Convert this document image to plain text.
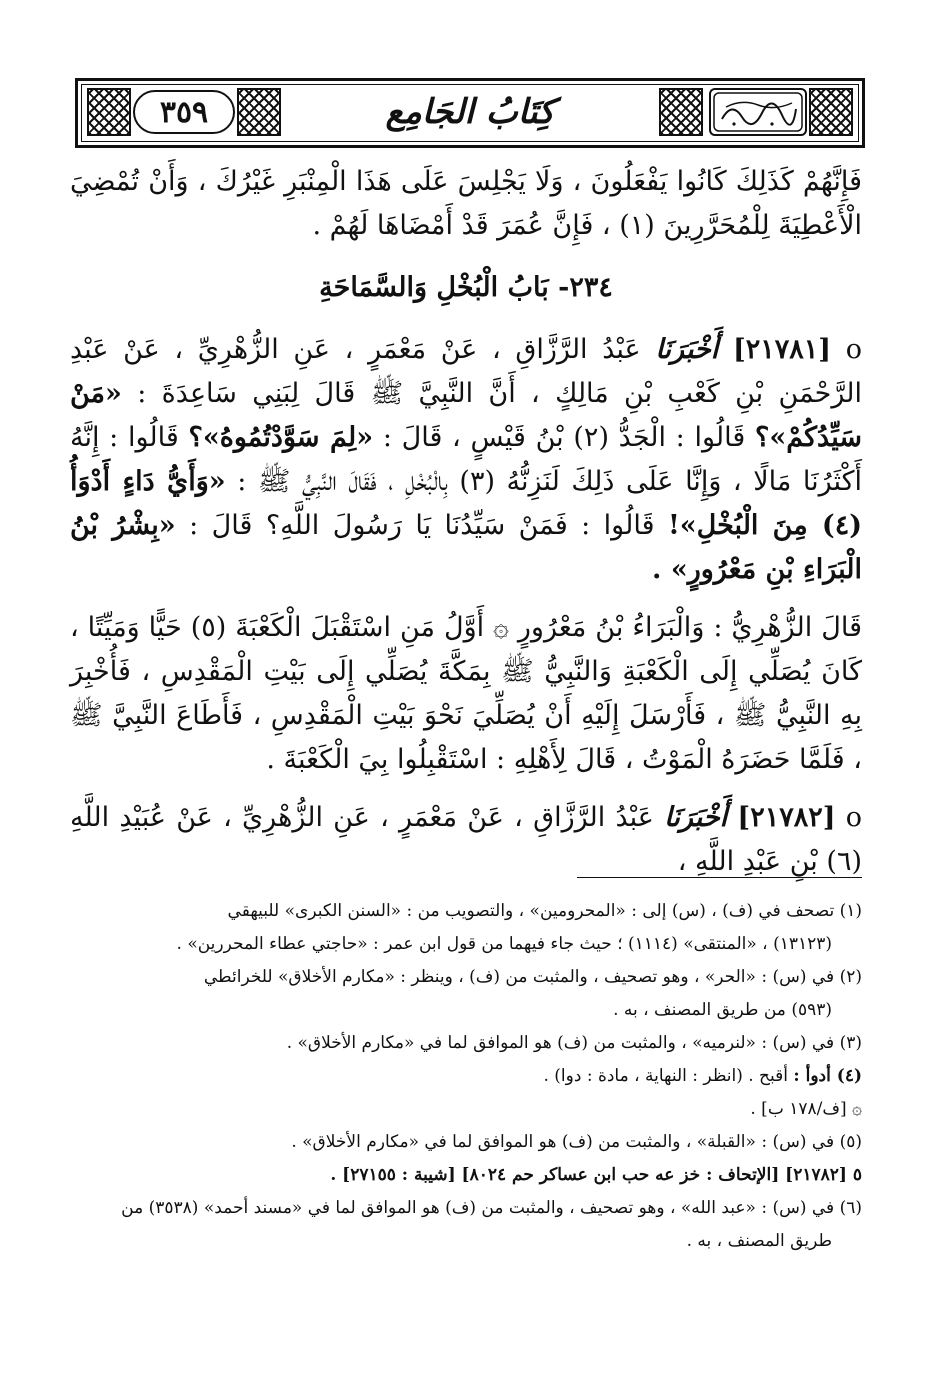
٣٥٩	كِتَابُ الجَامِع

فَإِنَّهُمْ كَذَلِكَ كَانُوا يَفْعَلُونَ ، وَلَا يَجْلِسَ عَلَى هَذَا الْمِنْبَرِ غَيْرُكَ ، وَأَنْ تُمْضِيَ الْأَعْطِيَةَ لِلْمُحَرَّرِينَ (١) ، فَإِنَّ عُمَرَ قَدْ أَمْضَاهَا لَهُمْ .

٢٣٤- بَابُ الْبُخْلِ وَالسَّمَاحَةِ

o [٢١٧٨١] أَخْبَرَنَا عَبْدُ الرَّزَّاقِ ، عَنْ مَعْمَرٍ ، عَنِ الزُّهْرِيِّ ، عَنْ عَبْدِ الرَّحْمَنِ بْنِ كَعْبِ بْنِ مَالِكٍ ، أَنَّ النَّبِيَّ ﷺ قَالَ لِبَنِي سَاعِدَةَ : «مَنْ سَيِّدُكُمْ»؟ قَالُوا : الْجَدُّ (٢) بْنُ قَيْسٍ ، قَالَ : «لِمَ سَوَّدْتُمُوهُ»؟ قَالُوا : إِنَّهُ أَكْثَرُنَا مَالًا ، وَإِنَّا عَلَى ذَلِكَ لَنَزِنُّهُ (٣) بِالْبُخْلِ ، فَقَالَ النَّبِيُّ ﷺ : «وَأَيُّ دَاءٍ أَدْوَأُ (٤) مِنَ الْبُخْلِ»! قَالُوا : فَمَنْ سَيِّدُنَا يَا رَسُولَ اللَّهِ؟ قَالَ : «بِشْرُ بْنُ الْبَرَاءِ بْنِ مَعْرُورٍ» .

قَالَ الزُّهْرِيُّ : وَالْبَرَاءُ بْنُ مَعْرُورٍ ۞ أَوَّلُ مَنِ اسْتَقْبَلَ الْكَعْبَةَ (٥) حَيًّا وَمَيِّتًا ، كَانَ يُصَلِّي إِلَى الْكَعْبَةِ وَالنَّبِيُّ ﷺ بِمَكَّةَ يُصَلِّي إِلَى بَيْتِ الْمَقْدِسِ ، فَأُخْبِرَ بِهِ النَّبِيُّ ﷺ ، فَأَرْسَلَ إِلَيْهِ أَنْ يُصَلِّيَ نَحْوَ بَيْتِ الْمَقْدِسِ ، فَأَطَاعَ النَّبِيَّ ﷺ ، فَلَمَّا حَضَرَهُ الْمَوْتُ ، قَالَ لِأَهْلِهِ : اسْتَقْبِلُوا بِيَ الْكَعْبَةَ .

o [٢١٧٨٢] أَخْبَرَنَا عَبْدُ الرَّزَّاقِ ، عَنْ مَعْمَرٍ ، عَنِ الزُّهْرِيِّ ، عَنْ عُبَيْدِ اللَّهِ (٦) بْنِ عَبْدِ اللَّهِ ،

(١) تصحف في (ف) ، (س) إلى : «المحرومين» ، والتصويب من : «السنن الكبرى» للبيهقي

(١٣١٢٣) ، «المنتقى» (١١١٤) ؛ حيث جاء فيهما من قول ابن عمر : «حاجتي عطاء المحررين» .

(٢) في (س) : «الحر» ، وهو تصحيف ، والمثبت من (ف) ، وينظر : «مكارم الأخلاق» للخرائطي

(٥٩٣) من طريق المصنف ، به .

(٣) في (س) : «لنرميه» ، والمثبت من (ف) هو الموافق لما في «مكارم الأخلاق» .

(٤) أدوأ : أقبح . (انظر : النهاية ، مادة : دوا) .

۞ [ف/١٧٨ ب] .

(٥) في (س) : «القبلة» ، والمثبت من (ف) هو الموافق لما في «مكارم الأخلاق» .

٥ [٢١٧٨٢] [الإتحاف : خز عه حب ابن عساكر حم ٨٠٢٤] [شيبة : ٢٧١٥٥] .

(٦) في (س) : «عبد الله» ، وهو تصحيف ، والمثبت من (ف) هو الموافق لما في «مسند أحمد» (٣٥٣٨) من

طريق المصنف ، به .
